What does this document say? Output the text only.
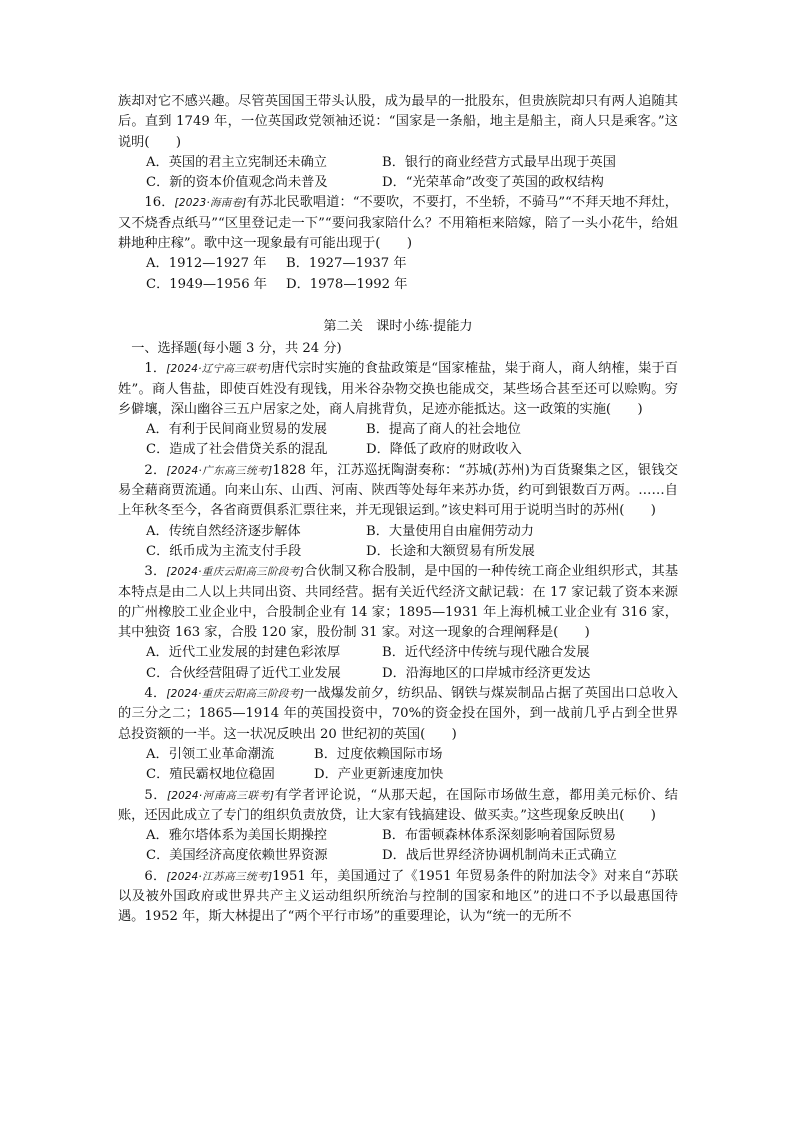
族却对它不感兴趣。尽管英国国王带头认股，成为最早的一批股东，但贵族院却只有两人追随其后。直到 1749 年，一位英国政党领袖还说：“国家是一条船，地主是船主，商人只是乘客。”这说明(　　)

A．英国的君主立宪制还未确立	B．银行的商业经营方式最早出现于英国
C．新的资本价值观念尚未普及	D．“光荣革命”改变了英国的政权结构

16．[2023·海南卷]有苏北民歌唱道：“不要吹，不要打，不坐轿，不骑马”“不拜天地不拜灶，又不烧香点纸马”“区里登记走一下”“要问我家陪什么？不用箱柜来陪嫁，陪了一头小花牛，给姐耕地种庄稼”。歌中这一现象最有可能出现于(　　)

A．1912—1927 年 B．1927—1937 年
C．1949—1956 年 D．1978—1992 年
第二关　课时小练·提能力

一、选择题(每小题 3 分，共 24 分)

1．[2024·辽宁高三联考]唐代宗时实施的食盐政策是“国家榷盐，粜于商人，商人纳榷，粜于百姓”。商人售盐，即使百姓没有现钱，用米谷杂物交换也能成交，某些场合甚至还可以赊购。穷乡僻壤，深山幽谷三五户居家之处，商人肩挑背负，足迹亦能抵达。这一政策的实施(　　)

A．有利于民间商业贸易的发展	B．提高了商人的社会地位
C．造成了社会借贷关系的混乱	D．降低了政府的财政收入

2．[2024·广东高三统考]1828 年，江苏巡抚陶澍奏称：“苏城(苏州)为百货聚集之区，银钱交易全藉商贾流通。向来山东、山西、河南、陕西等处每年来苏办货，约可到银数百万两。……自上年秋冬至今，各省商贾俱系汇票往来，并无现银运到。”该史料可用于说明当时的苏州(　　)

A．传统自然经济逐步解体	B．大量使用自由雇佣劳动力
C．纸币成为主流支付手段	D．长途和大额贸易有所发展

3．[2024·重庆云阳高三阶段考]合伙制又称合股制，是中国的一种传统工商企业组织形式，其基本特点是由二人以上共同出资、共同经营。据有关近代经济文献记载：在 17 家记载了资本来源的广州橡胶工业企业中，合股制企业有 14 家；1895—1931 年上海机械工业企业有 316 家，其中独资 163 家，合股 120 家，股份制 31 家。对这一现象的合理阐释是(　　)

A．近代工业发展的封建色彩浓厚	B．近代经济中传统与现代融合发展
C．合伙经营阻碍了近代工业发展	D．沿海地区的口岸城市经济更发达

4．[2024·重庆云阳高三阶段考]一战爆发前夕，纺织品、钢铁与煤炭制品占据了英国出口总收入的三分之二；1865—1914 年的英国投资中，70%的资金投在国外，到一战前几乎占到全世界总投资额的一半。这一状况反映出 20 世纪初的英国(　　)

A．引领工业革命潮流	B．过度依赖国际市场
C．殖民霸权地位稳固	D．产业更新速度加快

5．[2024·河南高三联考]有学者评论说，“从那天起，在国际市场做生意，都用美元标价、结账，还因此成立了专门的组织负责放贷，让大家有钱搞建设、做买卖。”这些现象反映出(　　)

A．雅尔塔体系为美国长期操控	B．布雷顿森林体系深刻影响着国际贸易
C．美国经济高度依赖世界资源	D．战后世界经济协调机制尚未正式确立

6．[2024·江苏高三统考]1951 年，美国通过了《1951 年贸易条件的附加法令》对来自“苏联以及被外国政府或世界共产主义运动组织所统治与控制的国家和地区”的进口不予以最惠国待遇。1952 年，斯大林提出了“两个平行市场”的重要理论，认为“统一的无所不
